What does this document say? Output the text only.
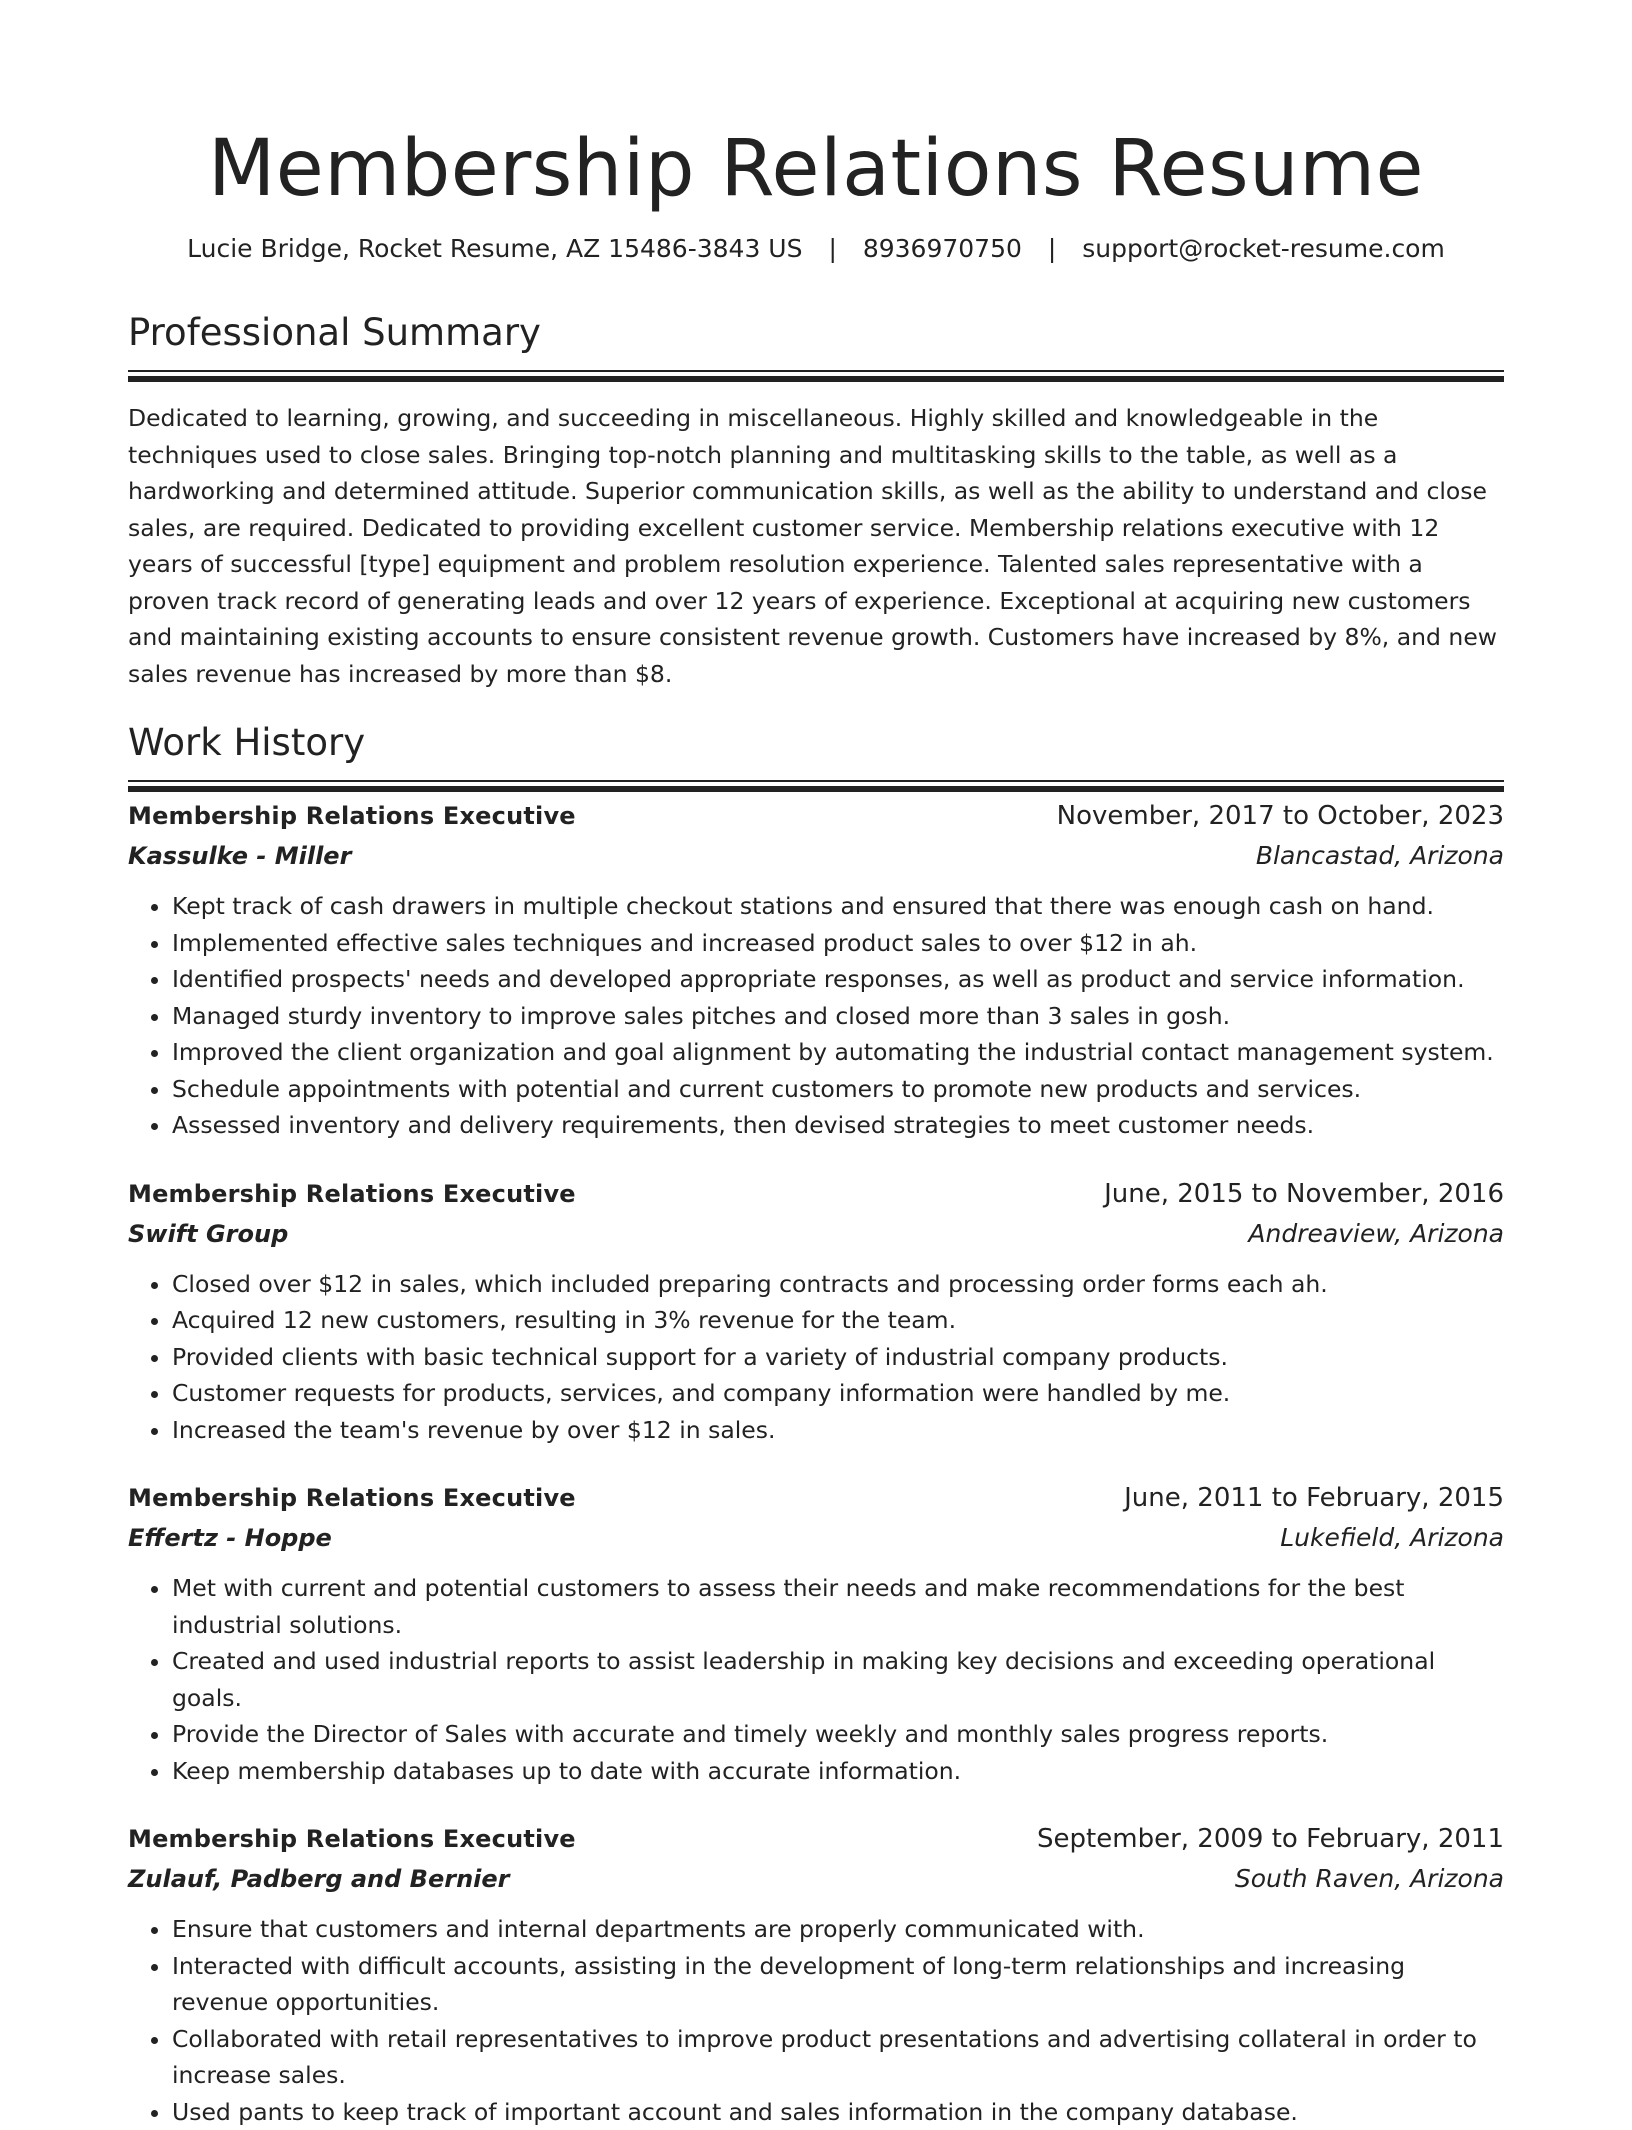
Membership Relations Resume
Lucie Bridge, Rocket Resume, AZ 15486-3843 US | 8936970750 | support@rocket-resume.com
Professional Summary
Dedicated to learning, growing, and succeeding in miscellaneous. Highly skilled and knowledgeable in the techniques used to close sales. Bringing top-notch planning and multitasking skills to the table, as well as a hardworking and determined attitude. Superior communication skills, as well as the ability to understand and close sales, are required. Dedicated to providing excellent customer service. Membership relations executive with 12 years of successful [type] equipment and problem resolution experience. Talented sales representative with a proven track record of generating leads and over 12 years of experience. Exceptional at acquiring new customers and maintaining existing accounts to ensure consistent revenue growth. Customers have increased by 8%, and new sales revenue has increased by more than $8.
Work History
Membership Relations Executive	November, 2017 to October, 2023
Kassulke - Miller	Blancastad, Arizona
• Kept track of cash drawers in multiple checkout stations and ensured that there was enough cash on hand.
• Implemented effective sales techniques and increased product sales to over $12 in ah.
• Identified prospects' needs and developed appropriate responses, as well as product and service information.
• Managed sturdy inventory to improve sales pitches and closed more than 3 sales in gosh.
• Improved the client organization and goal alignment by automating the industrial contact management system.
• Schedule appointments with potential and current customers to promote new products and services.
• Assessed inventory and delivery requirements, then devised strategies to meet customer needs.
Membership Relations Executive	June, 2015 to November, 2016
Swift Group	Andreaview, Arizona
• Closed over $12 in sales, which included preparing contracts and processing order forms each ah.
• Acquired 12 new customers, resulting in 3% revenue for the team.
• Provided clients with basic technical support for a variety of industrial company products.
• Customer requests for products, services, and company information were handled by me.
• Increased the team's revenue by over $12 in sales.
Membership Relations Executive	June, 2011 to February, 2015
Effertz - Hoppe	Lukefield, Arizona
• Met with current and potential customers to assess their needs and make recommendations for the best industrial solutions.
• Created and used industrial reports to assist leadership in making key decisions and exceeding operational goals.
• Provide the Director of Sales with accurate and timely weekly and monthly sales progress reports.
• Keep membership databases up to date with accurate information.
Membership Relations Executive	September, 2009 to February, 2011
Zulauf, Padberg and Bernier	South Raven, Arizona
• Ensure that customers and internal departments are properly communicated with.
• Interacted with difficult accounts, assisting in the development of long-term relationships and increasing revenue opportunities.
• Collaborated with retail representatives to improve product presentations and advertising collateral in order to increase sales.
• Used pants to keep track of important account and sales information in the company database.
